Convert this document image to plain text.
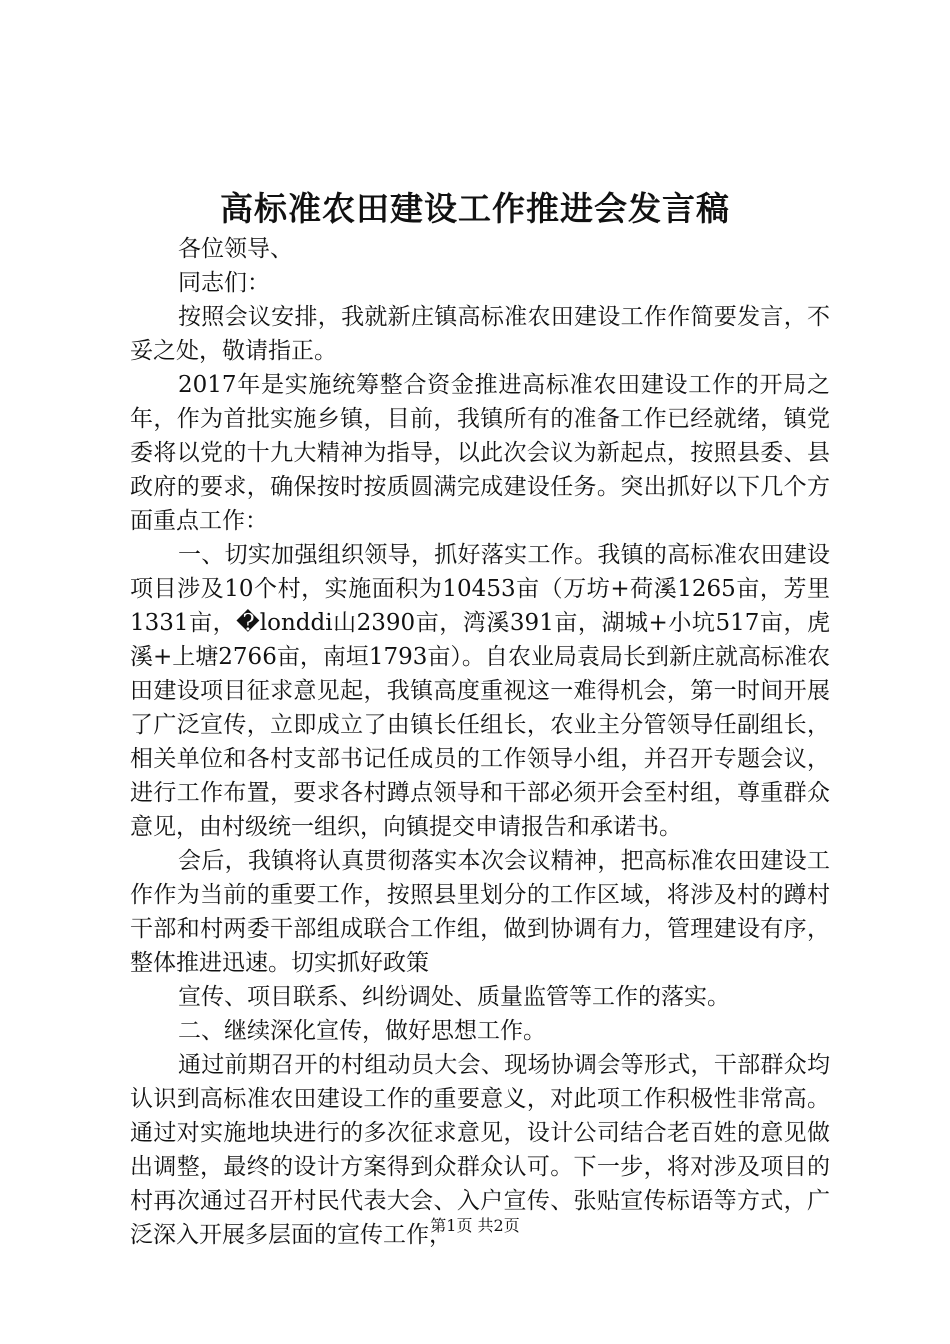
高标准农田建设工作推进会发言稿

各位领导、

同志们：

按照会议安排，我就新庄镇高标准农田建设工作作简要发言，不妥之处，敬请指正。

2017年是实施统筹整合资金推进高标准农田建设工作的开局之年，作为首批实施乡镇，目前，我镇所有的准备工作已经就绪，镇党委将以党的十九大精神为指导，以此次会议为新起点，按照县委、县政府的要求，确保按时按质圆满完成建设任务。突出抓好以下几个方面重点工作：

一、切实加强组织领导，抓好落实工作。我镇的高标准农田建设项目涉及10个村，实施面积为10453亩（万坊+荷溪1265亩，芳里1331亩，�londdi山2390亩，湾溪391亩，湖城+小坑517亩，虎溪+上塘2766亩，南垣1793亩）。自农业局袁局长到新庄就高标准农田建设项目征求意见起，我镇高度重视这一难得机会，第一时间开展了广泛宣传，立即成立了由镇长任组长，农业主分管领导任副组长，相关单位和各村支部书记任成员的工作领导小组，并召开专题会议，进行工作布置，要求各村蹲点领导和干部必须开会至村组，尊重群众意见，由村级统一组织，向镇提交申请报告和承诺书。

会后，我镇将认真贯彻落实本次会议精神，把高标准农田建设工作作为当前的重要工作，按照县里划分的工作区域，将涉及村的蹲村干部和村两委干部组成联合工作组，做到协调有力，管理建设有序，整体推进迅速。切实抓好政策

宣传、项目联系、纠纷调处、质量监管等工作的落实。

二、继续深化宣传，做好思想工作。

通过前期召开的村组动员大会、现场协调会等形式，干部群众均认识到高标准农田建设工作的重要意义，对此项工作积极性非常高。通过对实施地块进行的多次征求意见，设计公司结合老百姓的意见做出调整，最终的设计方案得到众群众认可。下一步，将对涉及项目的村再次通过召开村民代表大会、入户宣传、张贴宣传标语等方式，广泛深入开展多层面的宣传工作，

第1页 共2页
